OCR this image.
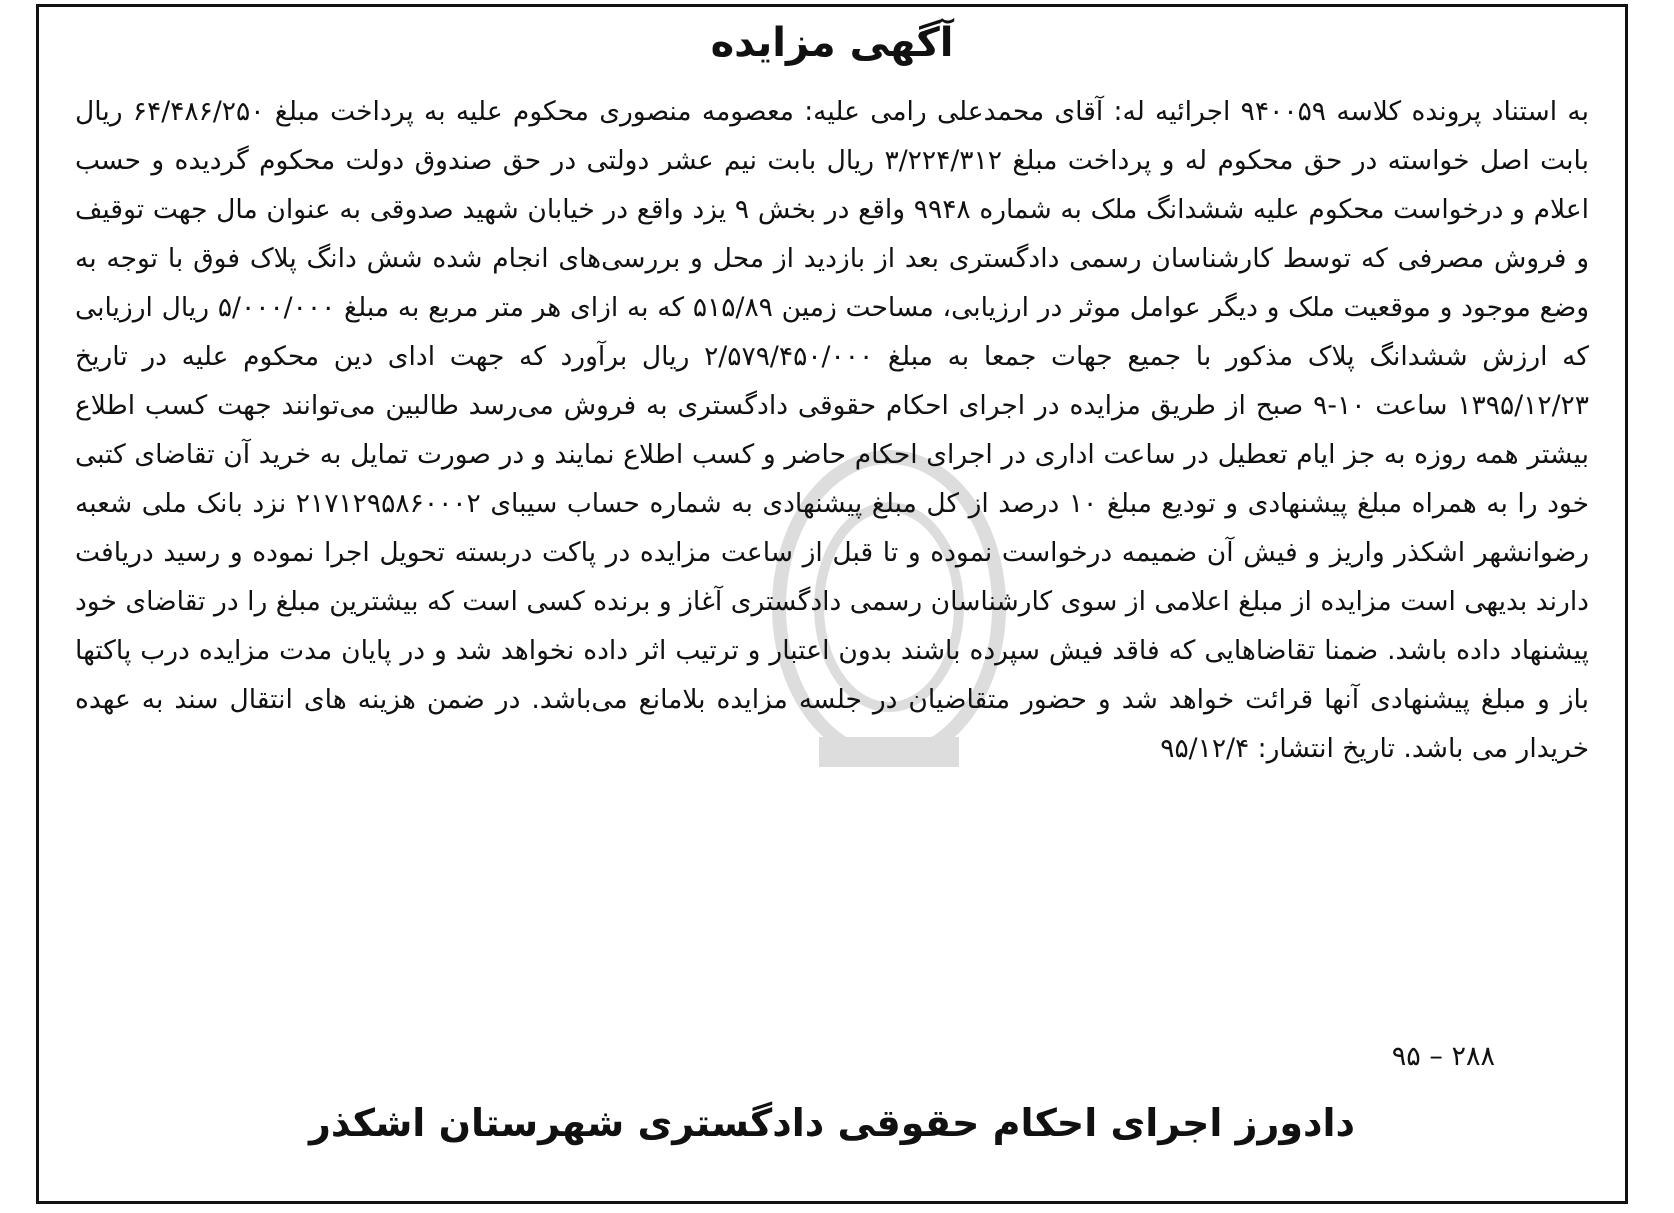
آگهی مزایده

به استناد پرونده کلاسه ۹۴۰۰۵۹ اجرائیه له: آقای محمدعلی رامی علیه: معصومه منصوری محکوم علیه به پرداخت مبلغ ۶۴/۴۸۶/۲۵۰ ریال بابت اصل خواسته در حق محکوم له و پرداخت مبلغ ۳/۲۲۴/۳۱۲ ریال بابت نیم عشر دولتی در حق صندوق دولت محکوم گردیده و حسب اعلام و درخواست محکوم علیه ششدانگ ملک به شماره ۹۹۴۸ واقع در بخش ۹ یزد واقع در خیابان شهید صدوقی به عنوان مال جهت توقیف و فروش مصرفی که توسط کارشناسان رسمی دادگستری بعد از بازدید از محل و بررسی‌های انجام شده شش دانگ پلاک فوق با توجه به وضع موجود و موقعیت ملک و دیگر عوامل موثر در ارزیابی، مساحت زمین ۵۱۵/۸۹ که به ازای هر متر مربع به مبلغ ۵/۰۰۰/۰۰۰ ریال ارزیابی که ارزش ششدانگ پلاک مذکور با جمیع جهات جمعا به مبلغ ۲/۵۷۹/۴۵۰/۰۰۰ ریال برآورد که جهت ادای دین محکوم علیه در تاریخ ۱۳۹۵/۱۲/۲۳ ساعت ۱۰-۹ صبح از طریق مزایده در اجرای احکام حقوقی دادگستری به فروش می‌رسد طالبین می‌توانند جهت کسب اطلاع بیشتر همه روزه به جز ایام تعطیل در ساعت اداری در اجرای احکام حاضر و کسب اطلاع نمایند و در صورت تمایل به خرید آن تقاضای کتبی خود را به همراه مبلغ پیشنهادی و تودیع مبلغ ۱۰ درصد از کل مبلغ پیشنهادی به شماره حساب سیبای ۲۱۷۱۲۹۵۸۶۰۰۰۲ نزد بانک ملی شعبه رضوانشهر اشکذر واریز و فیش آن ضمیمه درخواست نموده و تا قبل از ساعت مزایده در پاکت دربسته تحویل اجرا نموده و رسید دریافت دارند بدیهی است مزایده از مبلغ اعلامی از سوی کارشناسان رسمی دادگستری آغاز و برنده کسی است که بیشترین مبلغ را در تقاضای خود پیشنهاد داده باشد. ضمنا تقاضاهایی که فاقد فیش سپرده باشند بدون اعتبار و ترتیب اثر داده نخواهد شد و در پایان مدت مزایده درب پاکتها باز و مبلغ پیشنهادی آنها قرائت خواهد شد و حضور متقاضیان در جلسه مزایده بلامانع می‌باشد. در ضمن هزینه های انتقال سند به عهده خریدار می باشد. تاریخ انتشار: ۹۵/۱۲/۴

۲۸۸ – ۹۵
دادورز اجرای احکام حقوقی دادگستری شهرستان اشکذر
